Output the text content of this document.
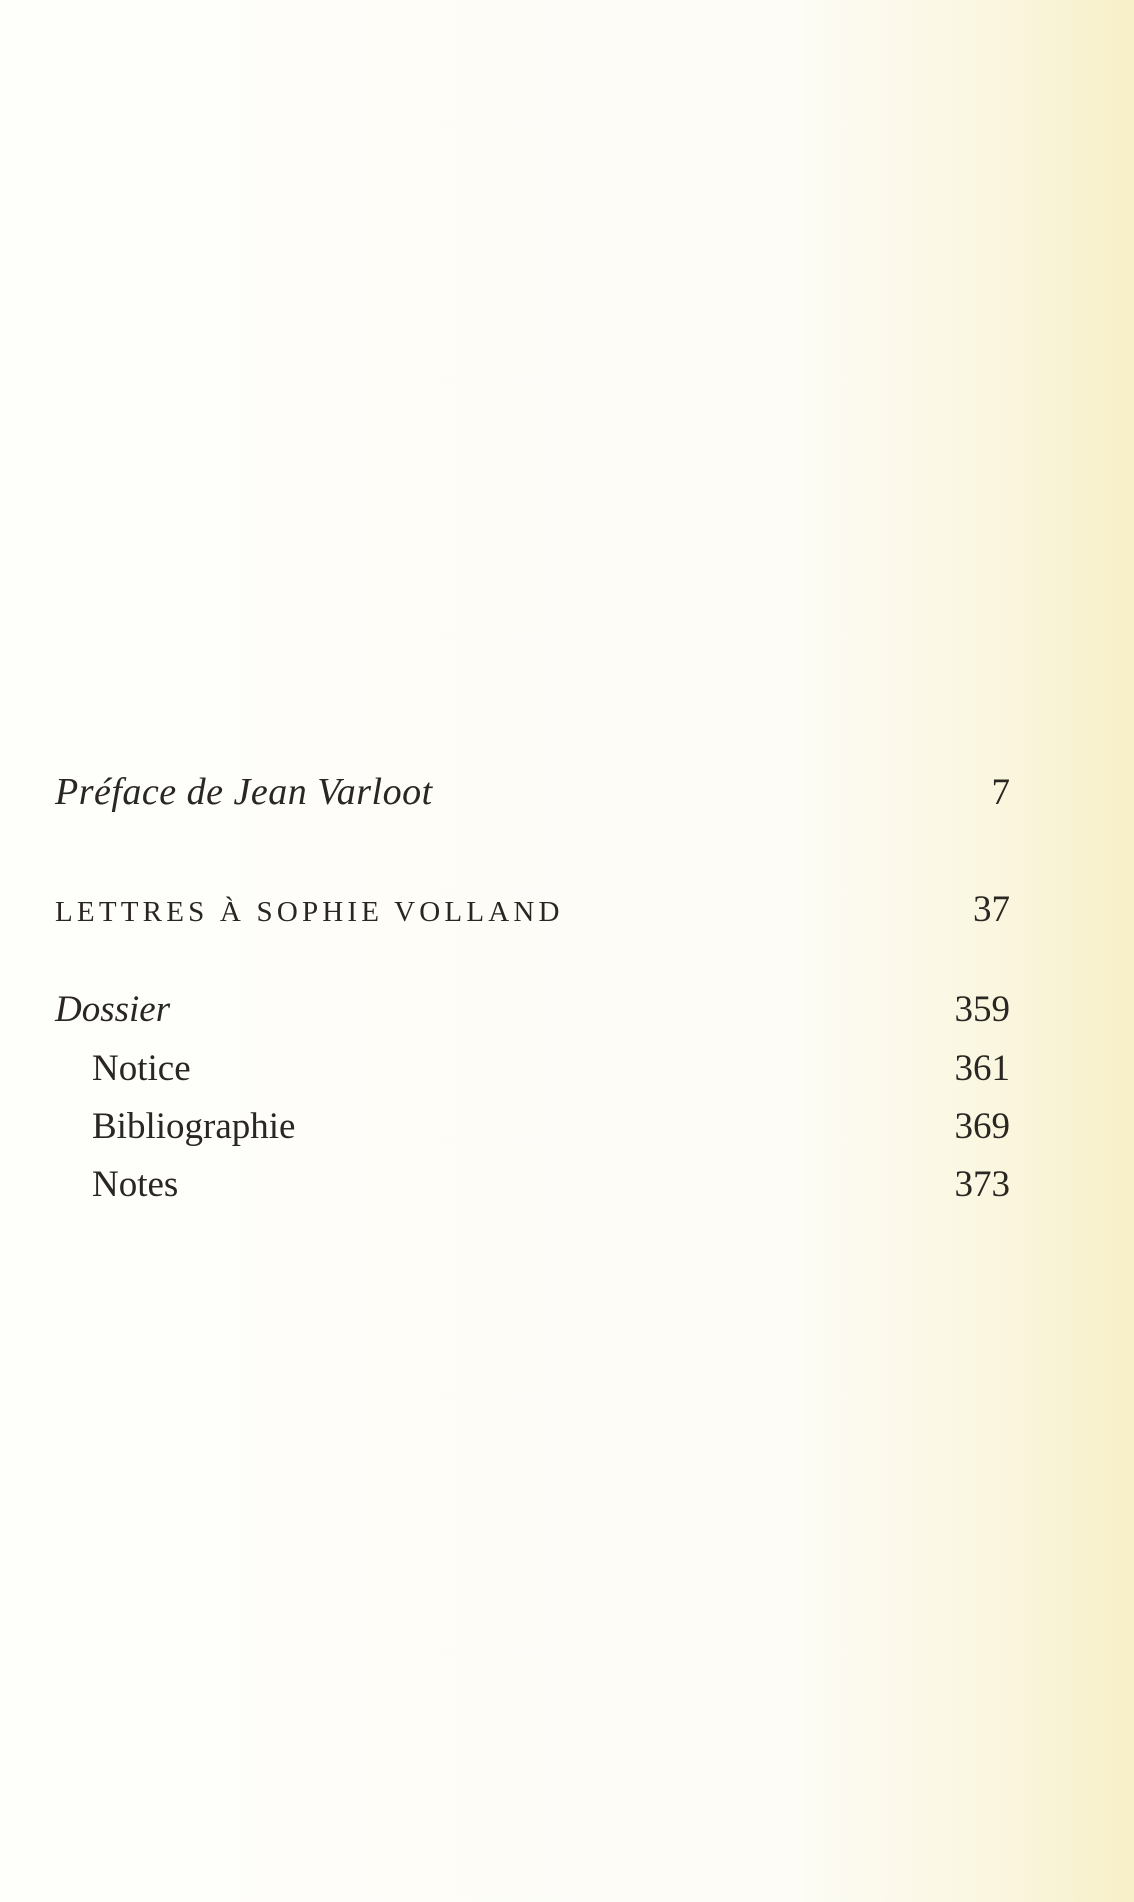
Préface de Jean Varloot	7
LETTRES À SOPHIE VOLLAND	37
Dossier	359
Notice	361
Bibliographie	369
Notes	373
